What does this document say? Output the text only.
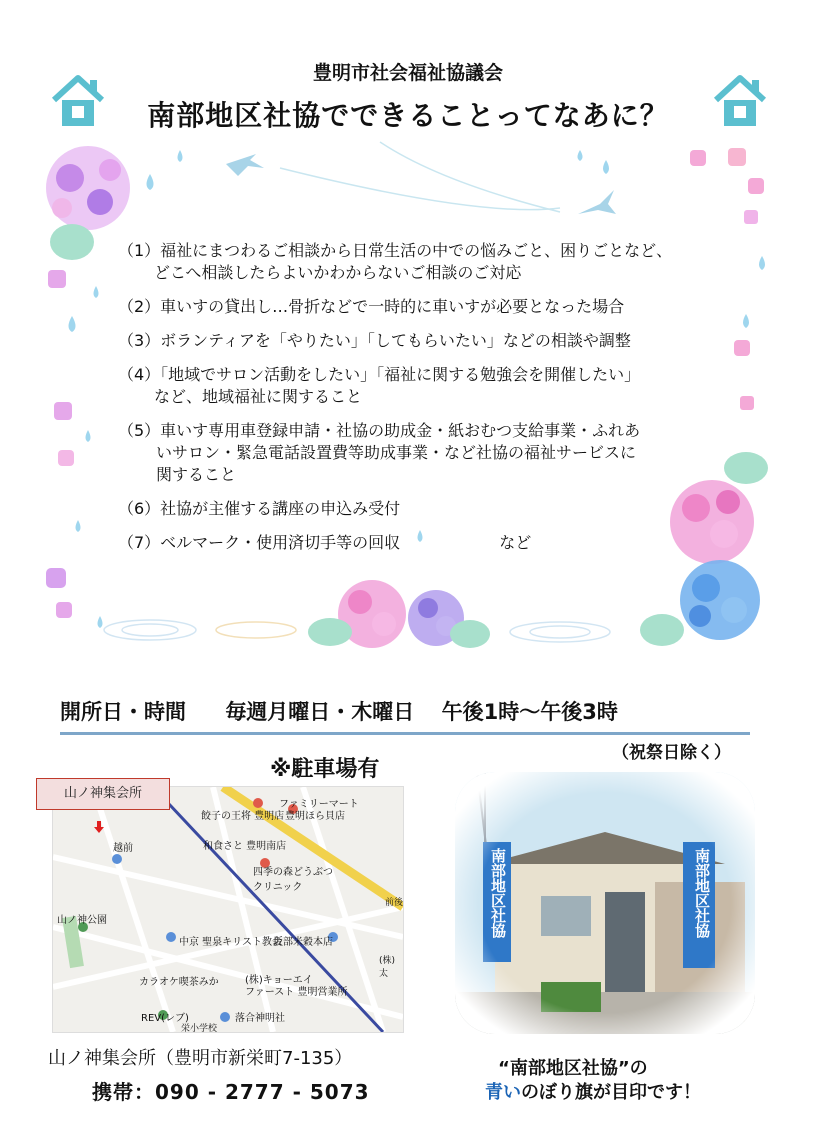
豊明市社会福祉協議会
南部地区社協でできることってなあに？
（1）福祉にまつわるご相談から日常生活の中での悩みごと、困りごとなど、
どこへ相談したらよいかわからないご相談のご対応
（2）車いすの貸出し…骨折などで一時的に車いすが必要となった場合
（3）ボランティアを「やりたい」「してもらいたい」などの相談や調整
（4）「地域でサロン活動をしたい」「福祉に関する勉強会を開催したい」
など、地域福祉に関すること
（5）車いす専用車登録申請・社協の助成金・紙おむつ支給事業・ふれあ
いサロン・緊急電話設置費等助成事業・など社協の福祉サービスに
関すること
（6）社協が主催する講座の申込み受付
（7）ベルマーク・使用済切手等の回収	など
開所日・時間 毎週月曜日・木曜日 午後1時～午後3時
（祝祭日除く）
※駐車場有
ファミリーマート
豊明ほら貝店
餃子の王将 豊明店
和食さと 豊明南店
四季の森どうぶつクリニック
越前
中京 聖泉キリスト教会
坂部米穀本店
山ノ神公園
カラオケ喫茶みか	(株)キョーエイ
ファースト 豊明営業所
REV(レブ)	落合神明社
栄小学校
前後
(株)太
山ノ神集会所
山ノ神集会所（豊明市新栄町7-135）
携帯：090 - 2777 - 5073
南部地区社協	南部地区社協
“南部地区社協”の
青いのぼり旗が目印です！
